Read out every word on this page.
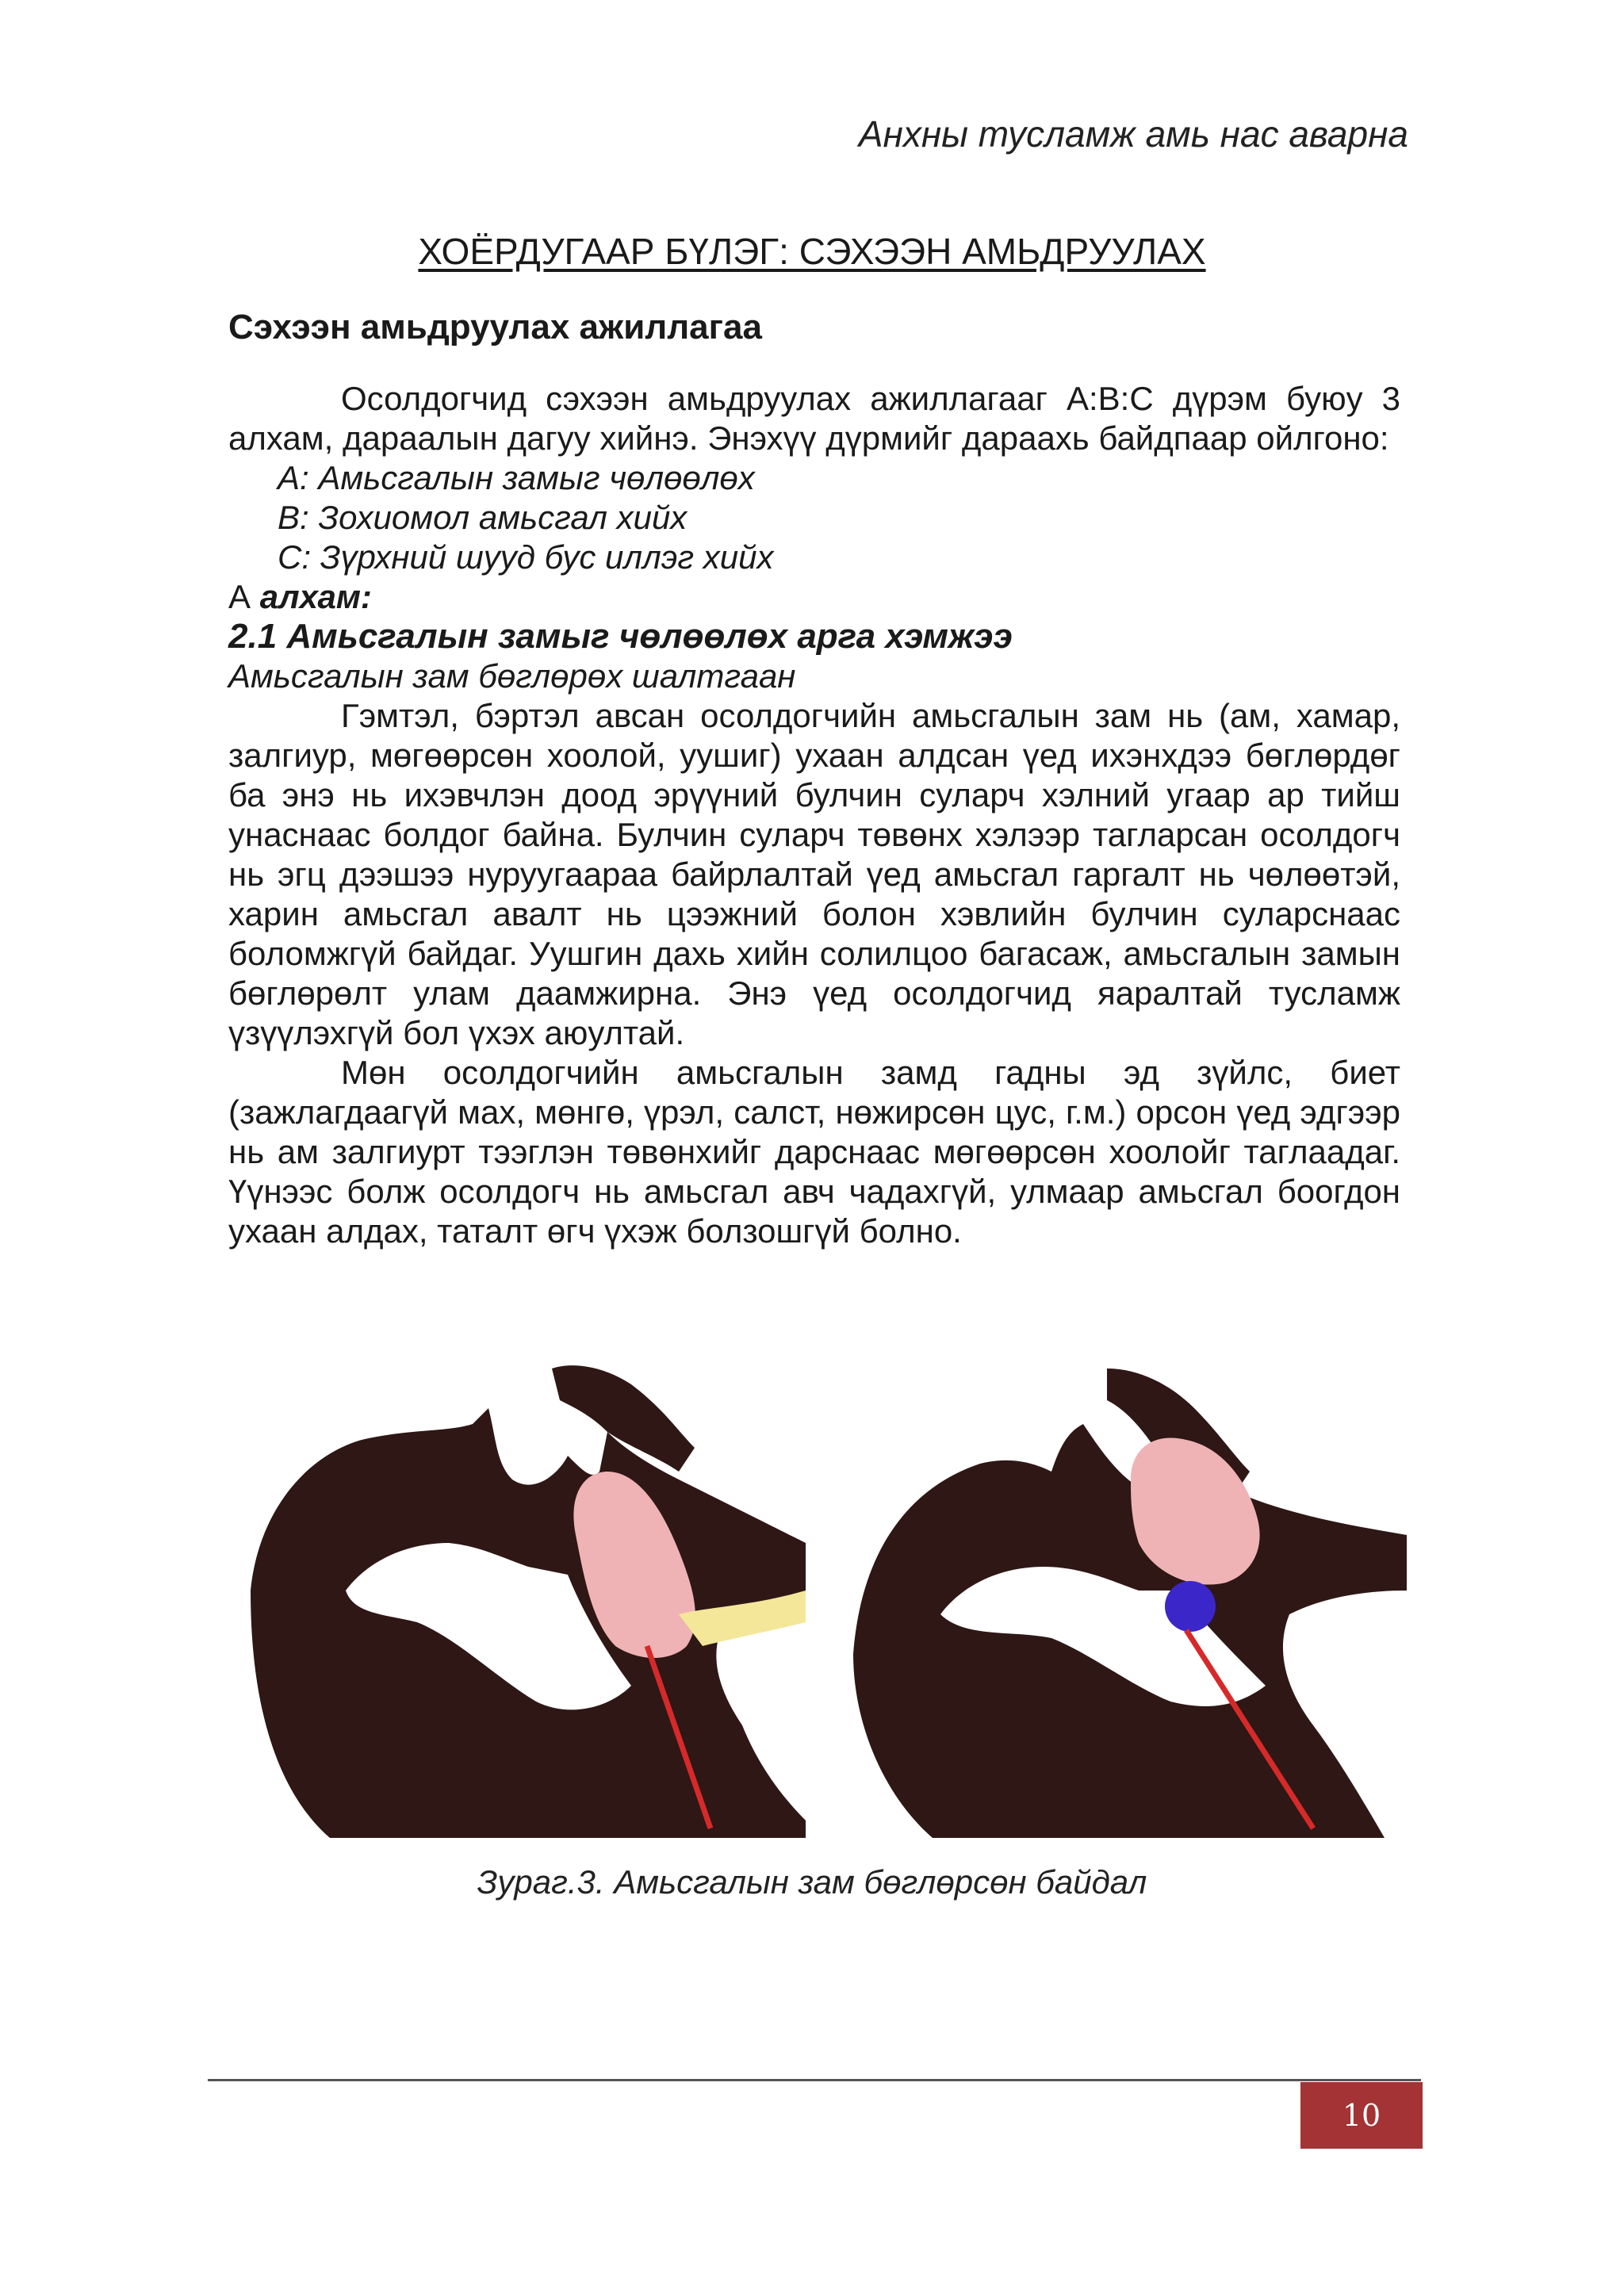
Анхны тусламж амь нас аварна
ХОЁРДУГААР БҮЛЭГ: СЭХЭЭН АМЬДРУУЛАХ
Сэхээн амьдруулах ажиллагаа

Осолдогчид сэхээн амьдруулах ажиллагааг А:В:С дүрэм буюу 3 алхам, дараалын дагуу хийнэ. Энэхүү дүрмийг дараахь байдпаар ойлгоно:

А: Амьсгалын замыг чөлөөлөх
В: Зохиомол амьсгал хийх
С: Зүрхний шууд бус иллэг хийх

А алхам:

2.1 Амьсгалын замыг чөлөөлөх арга хэмжээ

Амьсгалын зам бөглөрөх шалтгаан

Гэмтэл, бэртэл авсан осолдогчийн амьсгалын зам нь (ам, хамар, залгиур, мөгөөрсөн хоолой, уушиг) ухаан алдсан үед ихэнхдээ бөглөрдөг ба энэ нь ихэвчлэн доод эрүүний булчин суларч хэлний угаар ар тийш унаснаас болдог байна. Булчин суларч төвөнх хэлээр тагларсан осолдогч нь эгц дээшээ нуруугаараа байрлалтай үед амьсгал гаргалт нь чөлөөтэй, харин амьсгал авалт нь цээжний болон хэвлийн булчин суларснаас боломжгүй байдаг. Уушгин дахь хийн солилцоо багасаж, амьсгалын замын бөглөрөлт улам даамжирна. Энэ үед осолдогчид яаралтай тусламж үзүүлэхгүй бол үхэх аюултай.

Мөн осолдогчийн амьсгалын замд гадны эд зүйлс, биет (зажлагдаагүй мах, мөнгө, үрэл, салст, нөжирсөн цус, г.м.) орсон үед эдгээр нь ам залгиурт тээглэн төвөнхийг дарснаас мөгөөрсөн хоолойг таглаадаг. Үүнээс болж осолдогч нь амьсгал авч чадахгүй, улмаар амьсгал боогдон ухаан алдах, таталт өгч үхэж болзошгүй болно.

Зураг.3. Амьсгалын зам бөглөрсөн байдал
10
